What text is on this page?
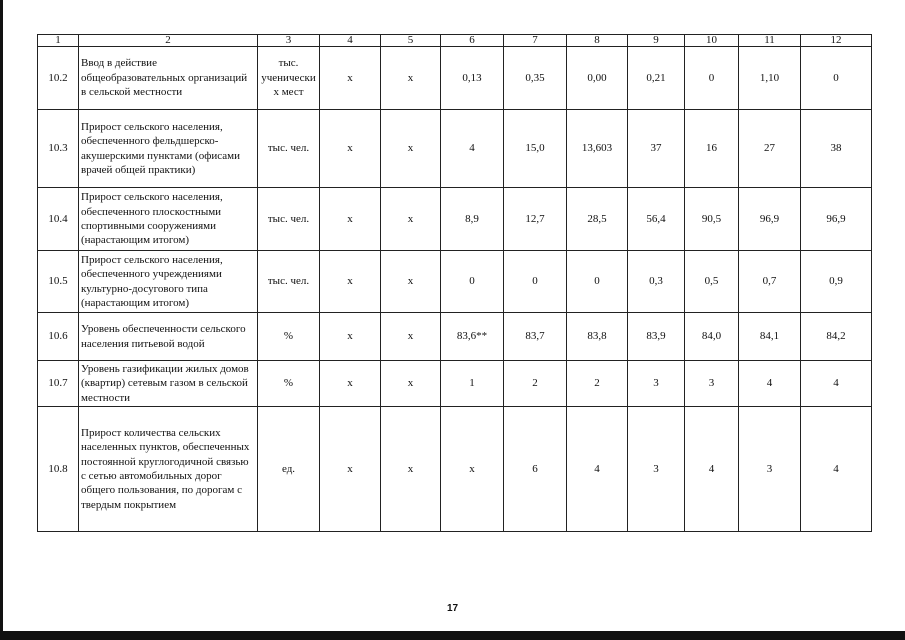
1	2	3	4	5	6	7	8	9	10	11	12
10.2	Ввод в действие общеобразовательных организаций в сельской местности	тыс. ученически х мест	x	x	0,13	0,35	0,00	0,21	0	1,10	0
10.3	Прирост сельского населения, обеспеченного фельдшерско-акушерскими пунктами (офисами врачей общей практики)	тыс. чел.	x	x	4	15,0	13,603	37	16	27	38
10.4	Прирост сельского населения, обеспеченного плоскостными спортивными сооружениями (нарастающим итогом)	тыс. чел.	x	x	8,9	12,7	28,5	56,4	90,5	96,9	96,9
10.5	Прирост сельского населения, обеспеченного учреждениями культурно-досугового типа (нарастающим итогом)	тыс. чел.	x	x	0	0	0	0,3	0,5	0,7	0,9
10.6	Уровень обеспеченности сельского населения питьевой водой	%	x	x	83,6**	83,7	83,8	83,9	84,0	84,1	84,2
10.7	Уровень газификации жилых домов (квартир) сетевым газом в сельской местности	%	x	x	1	2	2	3	3	4	4
10.8	Прирост количества сельских населенных пунктов, обеспеченных постоянной круглогодичной связью с сетью автомобильных дорог общего пользования, по дорогам с твердым покрытием	ед.	x	x	x	6	4	3	4	3	4
17
